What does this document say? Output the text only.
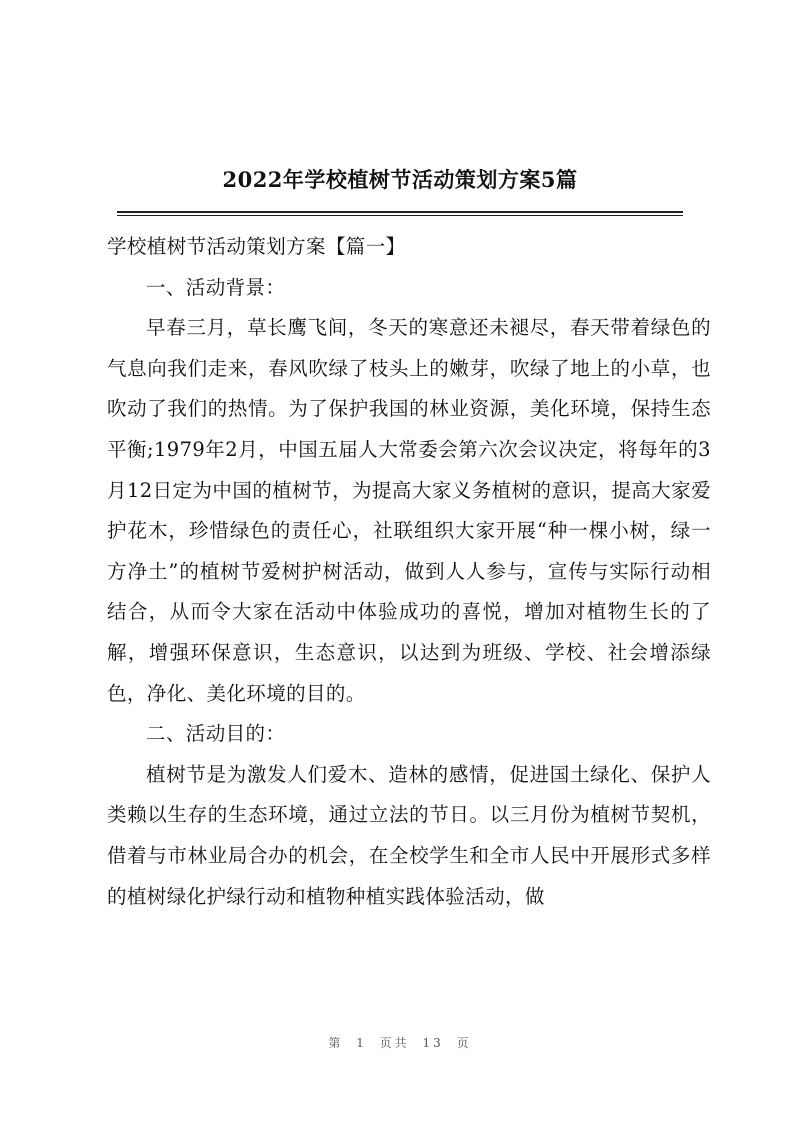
2022年学校植树节活动策划方案5篇

学校植树节活动策划方案【篇一】

一、活动背景：

早春三月，草长鹰飞间，冬天的寒意还未褪尽，春天带着绿色的气息向我们走来，春风吹绿了枝头上的嫩芽，吹绿了地上的小草，也吹动了我们的热情。为了保护我国的林业资源，美化环境，保持生态平衡;1979年2月，中国五届人大常委会第六次会议决定，将每年的3月12日定为中国的植树节，为提高大家义务植树的意识，提高大家爱护花木，珍惜绿色的责任心，社联组织大家开展“种一棵小树，绿一方净土”的植树节爱树护树活动，做到人人参与，宣传与实际行动相结合，从而令大家在活动中体验成功的喜悦，增加对植物生长的了解，增强环保意识，生态意识，以达到为班级、学校、社会增添绿色，净化、美化环境的目的。

二、活动目的：

植树节是为激发人们爱木、造林的感情，促进国土绿化、保护人类赖以生存的生态环境，通过立法的节日。以三月份为植树节契机，借着与市林业局合办的机会，在全校学生和全市人民中开展形式多样的植树绿化护绿行动和植物种植实践体验活动，做

第 1 页共 13 页
